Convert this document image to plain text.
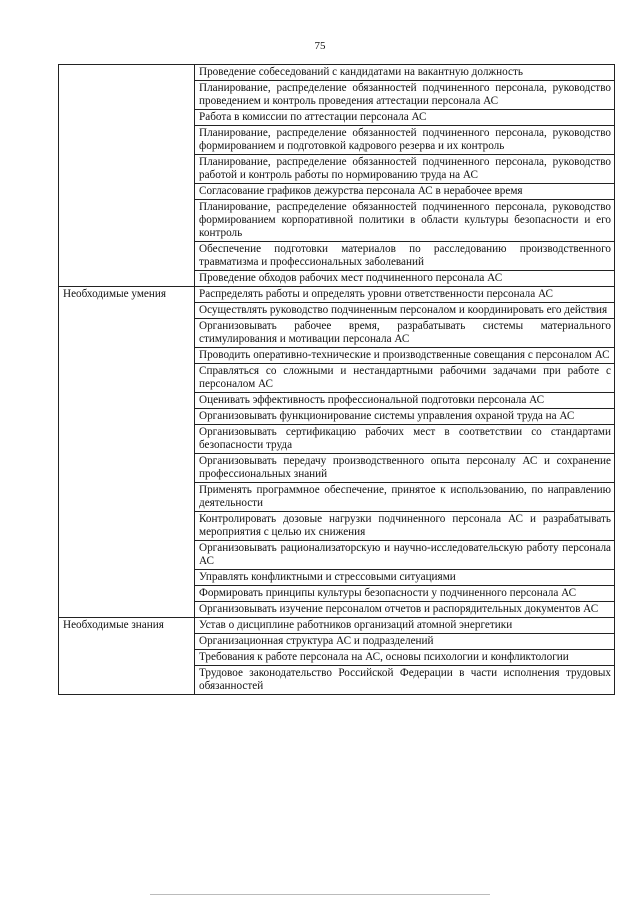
75
	Проведение собеседований с кандидатами на вакантную должность
	Планирование, распределение обязанностей подчиненного персонала, руководство проведением и контроль проведения аттестации персонала АС
	Работа в комиссии по аттестации персонала АС
	Планирование, распределение обязанностей подчиненного персонала, руководство формированием и подготовкой кадрового резерва и их контроль
	Планирование, распределение обязанностей подчиненного персонала, руководство работой и контроль работы по нормированию труда на АС
	Согласование графиков дежурства персонала АС в нерабочее время
	Планирование, распределение обязанностей подчиненного персонала, руководство формированием корпоративной политики в области культуры безопасности и его контроль
	Обеспечение подготовки материалов по расследованию производственного травматизма и профессиональных заболеваний
	Проведение обходов рабочих мест подчиненного персонала АС
Необходимые умения	Распределять работы и определять уровни ответственности персонала АС
	Осуществлять руководство подчиненным персоналом и координировать его действия
	Организовывать рабочее время, разрабатывать системы материального стимулирования и мотивации персонала АС
	Проводить оперативно-технические и производственные совещания с персоналом АС
	Справляться со сложными и нестандартными рабочими задачами при работе с персоналом АС
	Оценивать эффективность профессиональной подготовки персонала АС
	Организовывать функционирование системы управления охраной труда на АС
	Организовывать сертификацию рабочих мест в соответствии со стандартами безопасности труда
	Организовывать передачу производственного опыта персоналу АС и сохранение профессиональных знаний
	Применять программное обеспечение, принятое к использованию, по направлению деятельности
	Контролировать дозовые нагрузки подчиненного персонала АС и разрабатывать мероприятия с целью их снижения
	Организовывать рационализаторскую и научно-исследовательскую работу персонала АС
	Управлять конфликтными и стрессовыми ситуациями
	Формировать принципы культуры безопасности у подчиненного персонала АС
	Организовывать изучение персоналом отчетов и распорядительных документов АС
Необходимые знания	Устав о дисциплине работников организаций атомной энергетики
	Организационная структура АС и подразделений
	Требования к работе персонала на АС, основы психологии и конфликтологии
	Трудовое законодательство Российской Федерации в части исполнения трудовых обязанностей
